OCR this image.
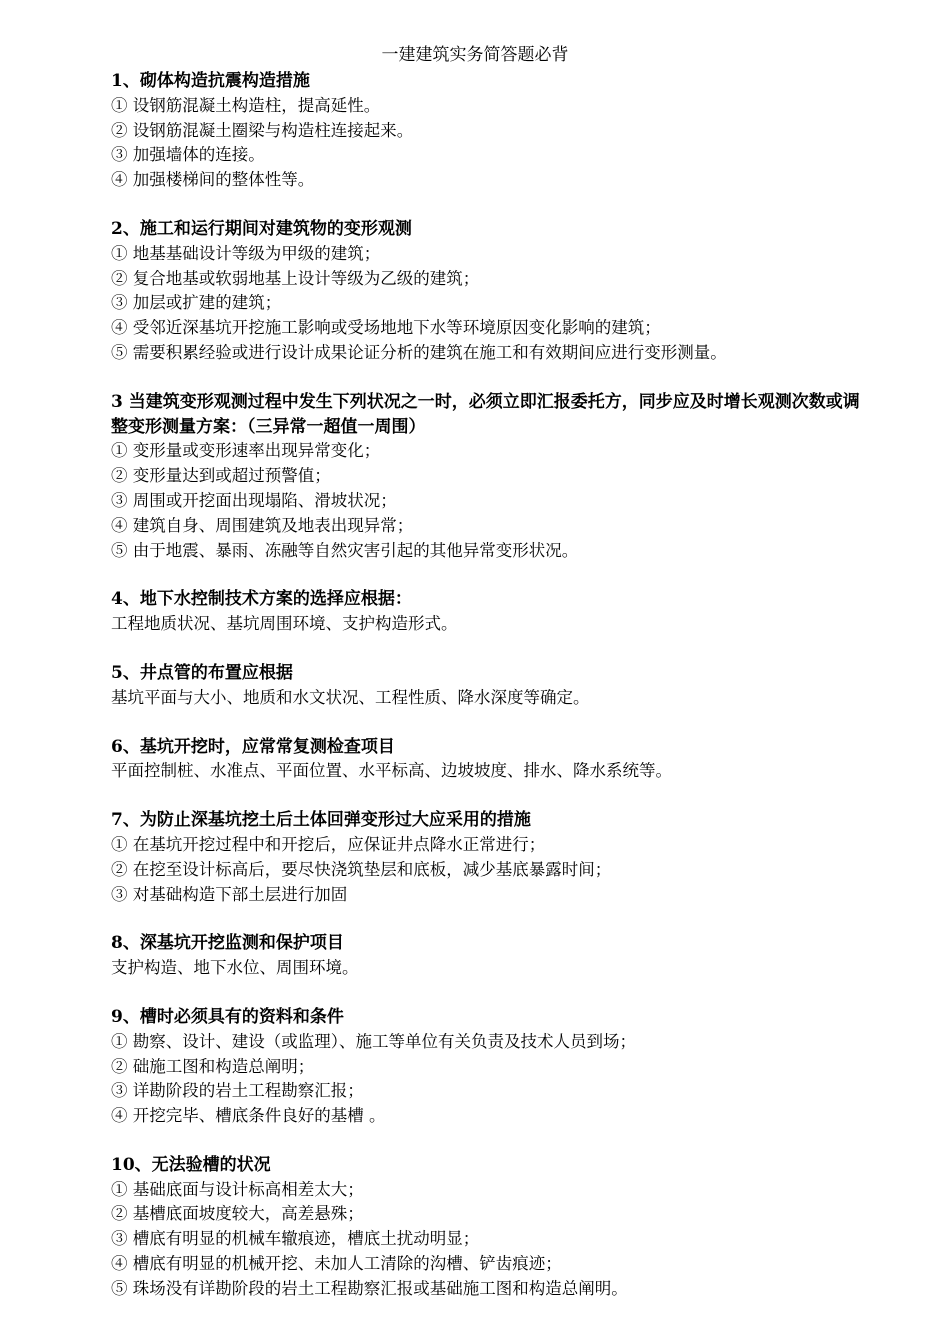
一建建筑实务简答题必背

1、砌体构造抗震构造措施

① 设钢筋混凝土构造柱，提高延性。

② 设钢筋混凝土圈梁与构造柱连接起来。

③ 加强墙体的连接。

④ 加强楼梯间的整体性等。

2、施工和运行期间对建筑物的变形观测

① 地基基础设计等级为甲级的建筑；

② 复合地基或软弱地基上设计等级为乙级的建筑；

③ 加层或扩建的建筑；

④ 受邻近深基坑开挖施工影响或受场地地下水等环境原因变化影响的建筑；

⑤ 需要积累经验或进行设计成果论证分析的建筑在施工和有效期间应进行变形测量。

3 当建筑变形观测过程中发生下列状况之一时，必须立即汇报委托方，同步应及时增长观测次数或调整变形测量方案：（三异常一超值一周围）

① 变形量或变形速率出现异常变化；

② 变形量达到或超过预警值；

③ 周围或开挖面出现塌陷、滑坡状况；

④ 建筑自身、周围建筑及地表出现异常；

⑤ 由于地震、暴雨、冻融等自然灾害引起的其他异常变形状况。

4、地下水控制技术方案的选择应根据：

工程地质状况、基坑周围环境、支护构造形式。

5、井点管的布置应根据

基坑平面与大小、地质和水文状况、工程性质、降水深度等确定。

6、基坑开挖时，应常常复测检查项目

平面控制桩、水准点、平面位置、水平标高、边坡坡度、排水、降水系统等。

7、为防止深基坑挖土后土体回弹变形过大应采用的措施

① 在基坑开挖过程中和开挖后，应保证井点降水正常进行；

② 在挖至设计标高后，要尽快浇筑垫层和底板，减少基底暴露时间；

③ 对基础构造下部土层进行加固

8、深基坑开挖监测和保护项目

支护构造、地下水位、周围环境。

9、槽时必须具有的资料和条件

① 勘察、设计、建设（或监理）、施工等单位有关负责及技术人员到场；

② 础施工图和构造总阐明；

③ 详勘阶段的岩土工程勘察汇报；

④ 开挖完毕、槽底条件良好的基槽 。

10、无法验槽的状况

① 基础底面与设计标高相差太大；

② 基槽底面坡度较大，高差悬殊；

③ 槽底有明显的机械车辙痕迹，槽底土扰动明显；

④ 槽底有明显的机械开挖、未加人工清除的沟槽、铲齿痕迹；

⑤ 珠场没有详勘阶段的岩土工程勘察汇报或基础施工图和构造总阐明。
